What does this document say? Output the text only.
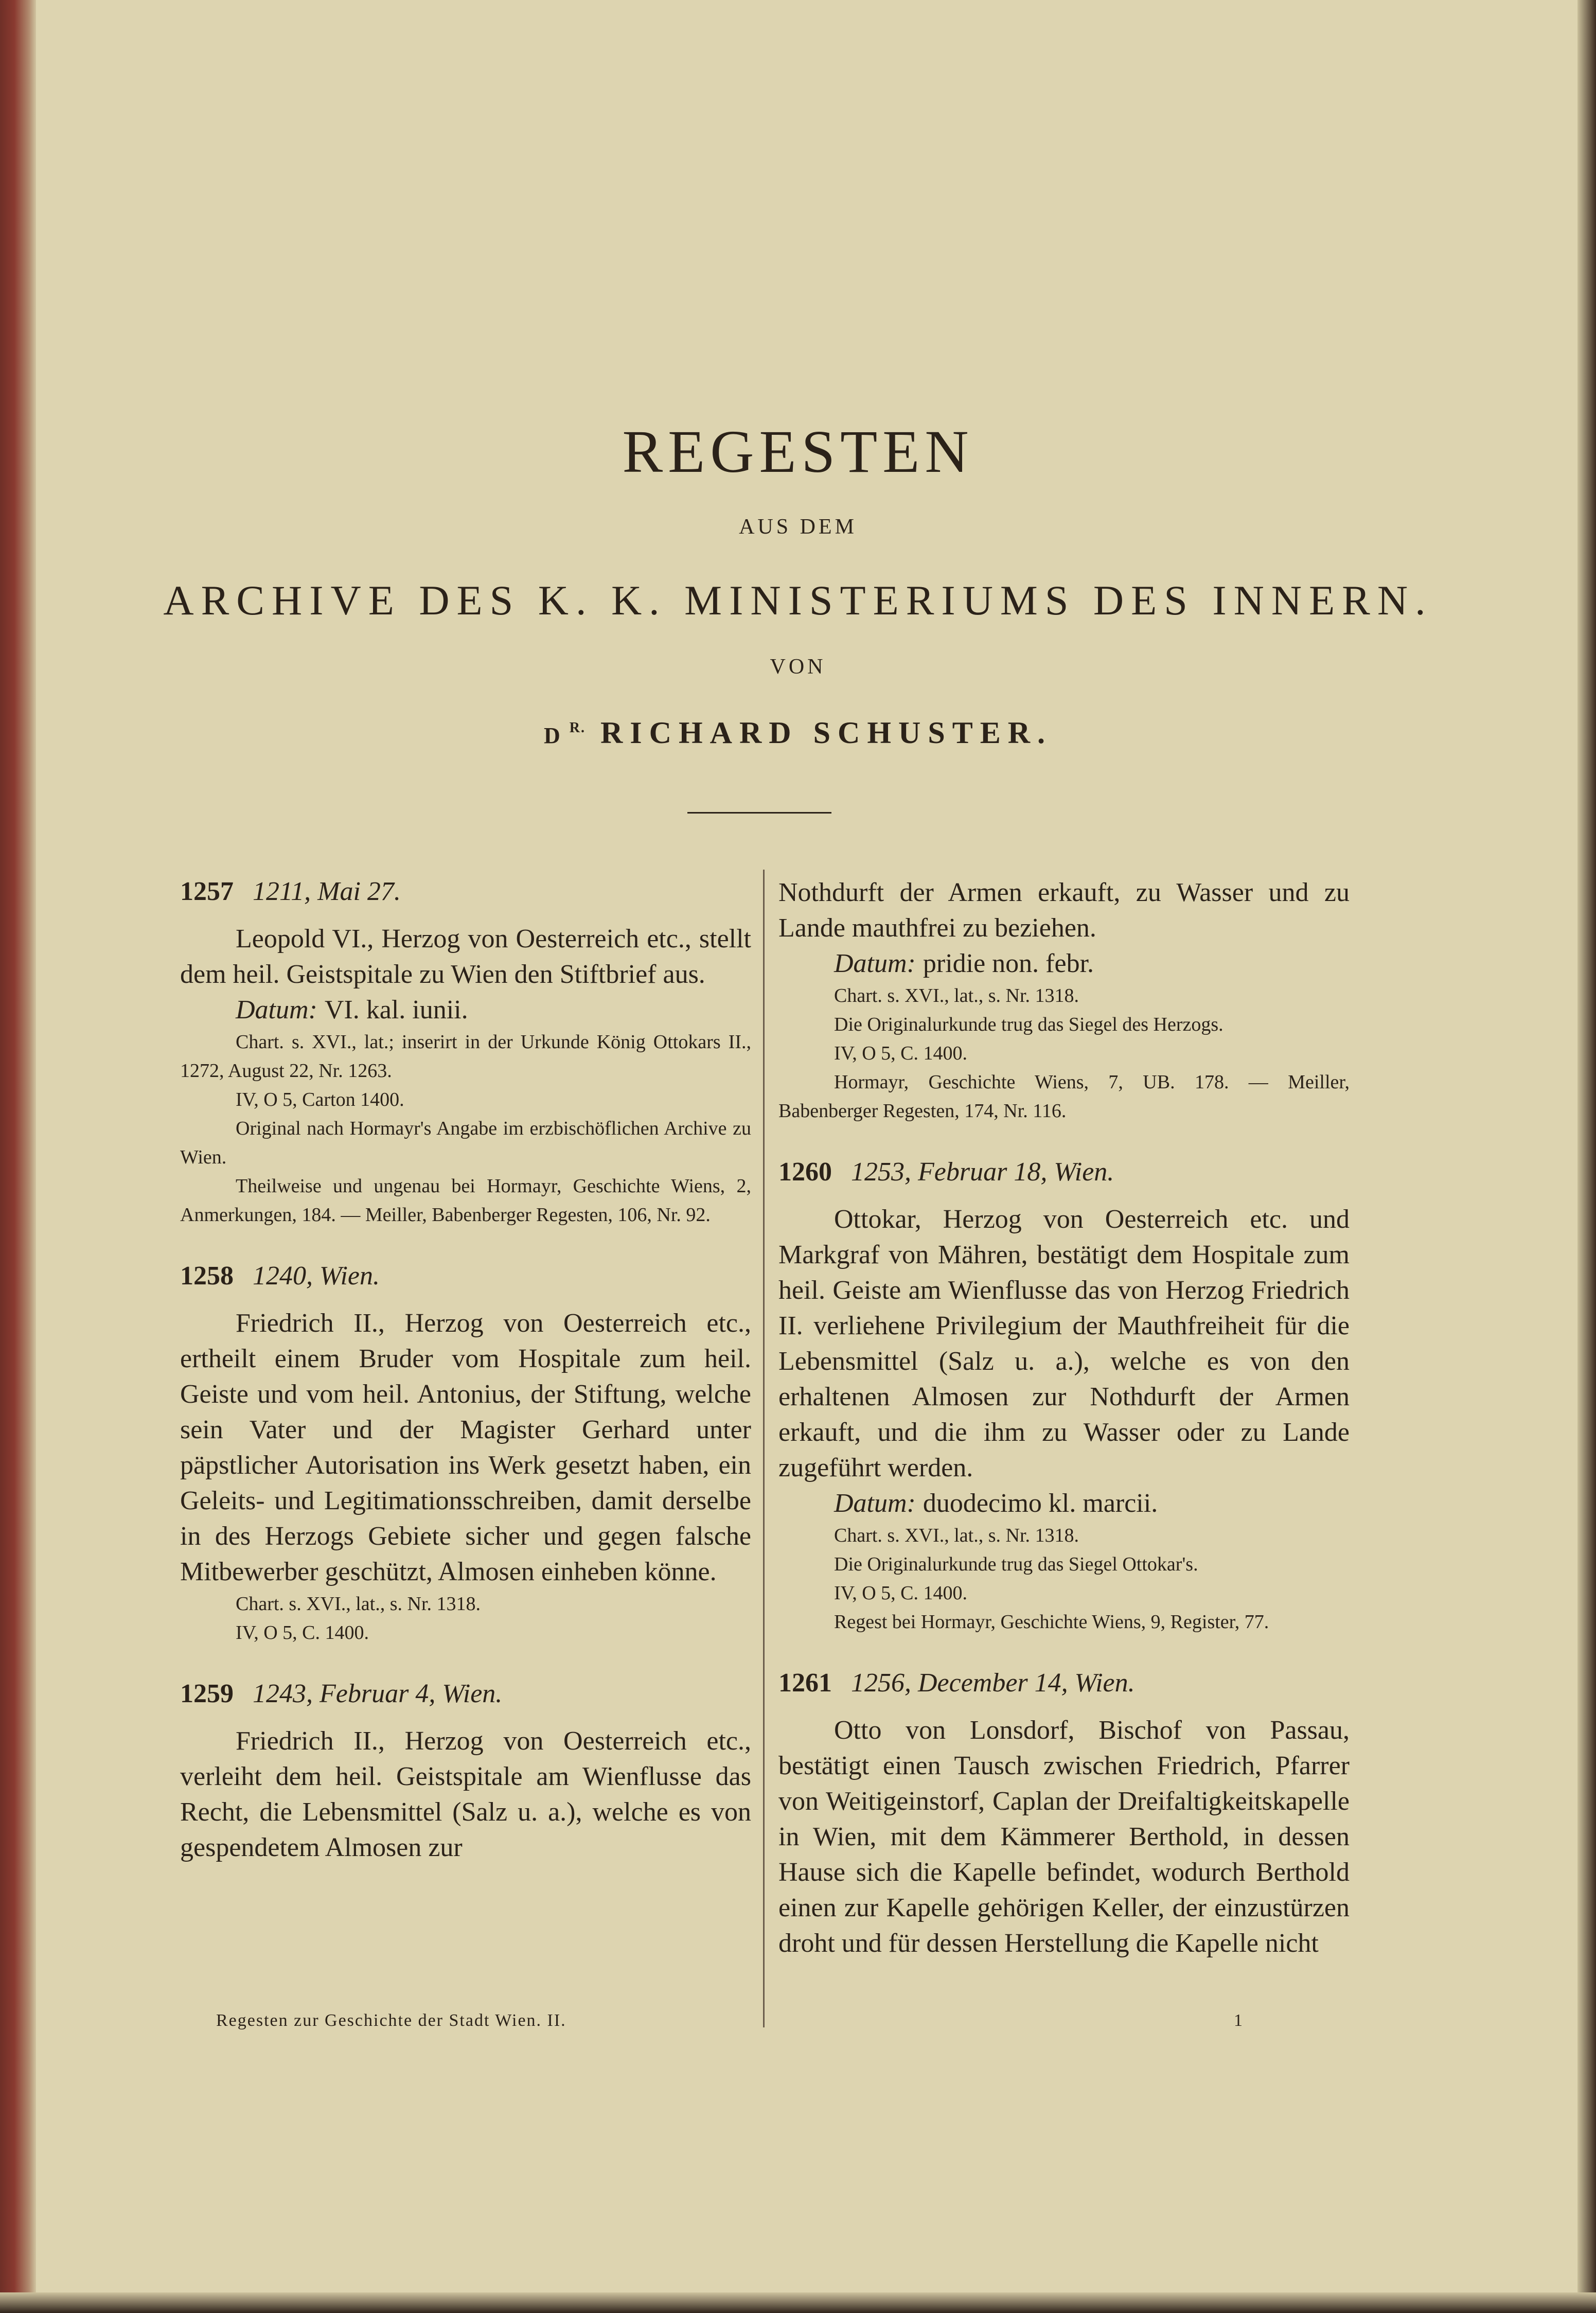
REGESTEN
AUS DEM
ARCHIVE DES K. K. MINISTERIUMS DES INNERN.
VON
D $^{R.}$ RICHARD SCHUSTER.

1257 1211, Mai 27.

Leopold VI., Herzog von Oesterreich etc., stellt dem heil. Geistspitale zu Wien den Stiftbrief aus.

Datum: VI. kal. iunii.

Chart. s. XVI., lat.; inserirt in der Urkunde König Ottokars II., 1272, August 22, Nr. 1263.

IV, O 5, Carton 1400.

Original nach Hormayr's Angabe im erzbischöflichen Archive zu Wien.

Theilweise und ungenau bei Hormayr, Geschichte Wiens, 2, Anmerkungen, 184. — Meiller, Babenberger Regesten, 106, Nr. 92.

1258 1240, Wien.

Friedrich II., Herzog von Oesterreich etc., ertheilt einem Bruder vom Hospitale zum heil. Geiste und vom heil. Antonius, der Stiftung, welche sein Vater und der Magister Gerhard unter päpstlicher Autorisation ins Werk gesetzt haben, ein Geleits- und Legitimationsschreiben, damit derselbe in des Herzogs Gebiete sicher und gegen falsche Mitbewerber geschützt, Almosen einheben könne.

Chart. s. XVI., lat., s. Nr. 1318.

IV, O 5, C. 1400.

1259 1243, Februar 4, Wien.

Friedrich II., Herzog von Oesterreich etc., verleiht dem heil. Geistspitale am Wienflusse das Recht, die Lebensmittel (Salz u. a.), welche es von gespendetem Almosen zur

Nothdurft der Armen erkauft, zu Wasser und zu Lande mauthfrei zu beziehen.

Datum: pridie non. febr.

Chart. s. XVI., lat., s. Nr. 1318.

Die Originalurkunde trug das Siegel des Herzogs.

IV, O 5, C. 1400.

Hormayr, Geschichte Wiens, 7, UB. 178. — Meiller, Babenberger Regesten, 174, Nr. 116.

1260 1253, Februar 18, Wien.

Ottokar, Herzog von Oesterreich etc. und Markgraf von Mähren, bestätigt dem Hospitale zum heil. Geiste am Wienflusse das von Herzog Friedrich II. verliehene Privilegium der Mauthfreiheit für die Lebensmittel (Salz u. a.), welche es von den erhaltenen Almosen zur Nothdurft der Armen erkauft, und die ihm zu Wasser oder zu Lande zugeführt werden.

Datum: duodecimo kl. marcii.

Chart. s. XVI., lat., s. Nr. 1318.

Die Originalurkunde trug das Siegel Ottokar's.

IV, O 5, C. 1400.

Regest bei Hormayr, Geschichte Wiens, 9, Register, 77.

1261 1256, December 14, Wien.

Otto von Lonsdorf, Bischof von Passau, bestätigt einen Tausch zwischen Friedrich, Pfarrer von Weitigeinstorf, Caplan der Dreifaltigkeitskapelle in Wien, mit dem Kämmerer Berthold, in dessen Hause sich die Kapelle befindet, wodurch Berthold einen zur Kapelle gehörigen Keller, der einzustürzen droht und für dessen Herstellung die Kapelle nicht

Regesten zur Geschichte der Stadt Wien. II.	1
